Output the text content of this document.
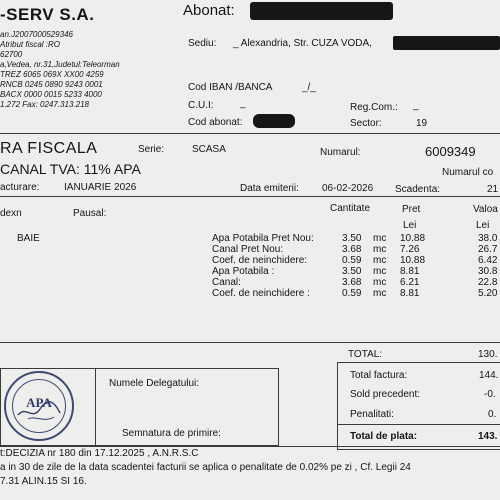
-SERV S.A.
an.J2007000529346
Atribut fiscal :RO
62700
a,Vedea, nr.31,Judetul:Teleorman
TREZ 6065 069X XX00 4259
RNCB 0245 0890 9243 0001
BACX 0000 0015 5233 4000
1.272 Fax: 0247.313.218
Abonat:
Sediu: _ Alexandria, Str. CUZA VODA,
Cod IBAN /BANCA	_/_
C.U.I:	_	Reg.Com.: _
Cod abonat:	Sector:	19
RA FISCALA	Serie:	SCASA	Numarul:	6009349
CANAL TVA: 11% APA	Numarul co
acturare: IANUARIE 2026	Data emiterii: 06-02-2026 Scadenta:	21
dexn	Pausal:	Cantitate	Pret
Lei
Valoa
Lei
BAIE	Apa Potabila Pret Nou:	3.50 mc 10.88	38.0
Canal Pret Nou:	3.68 mc 7.26	26.7
Coef. de neinchidere:	0.59 mc 10.88	6.42
Apa Potabila :	3.50 mc 8.81	30.8
Canal:	3.68 mc 6.21	22.8
Coef. de neinchidere :	0.59 mc 8.81	5.20
APA
Numele Delegatului:
Semnatura de primire:
TOTAL:	130.
Total factura:	144.
Sold precedent:	-0.
Penalitati:	0.
Total de plata:	143.
t:DECIZIA nr 180 din 17.12.2025 , A.N.R.S.C
a in 30 de zile de la data scadentei facturii se aplica o penalitate de 0.02% pe zi , Cf. Legii 24
7.31 ALIN.15 SI 16.
